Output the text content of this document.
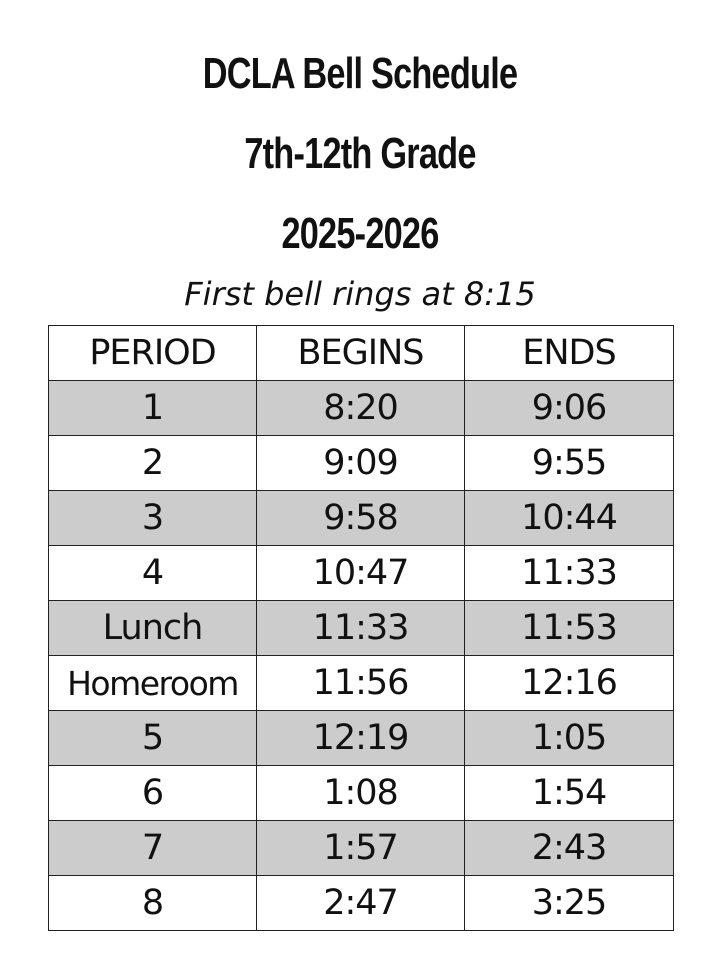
DCLA Bell Schedule
7th-12th Grade
2025-2026
First bell rings at 8:15
PERIOD	BEGINS	ENDS
1	8:20	9:06
2	9:09	9:55
3	9:58	10:44
4	10:47	11:33
Lunch	11:33	11:53
Homeroom	11:56	12:16
5	12:19	1:05
6	1:08	1:54
7	1:57	2:43
8	2:47	3:25
